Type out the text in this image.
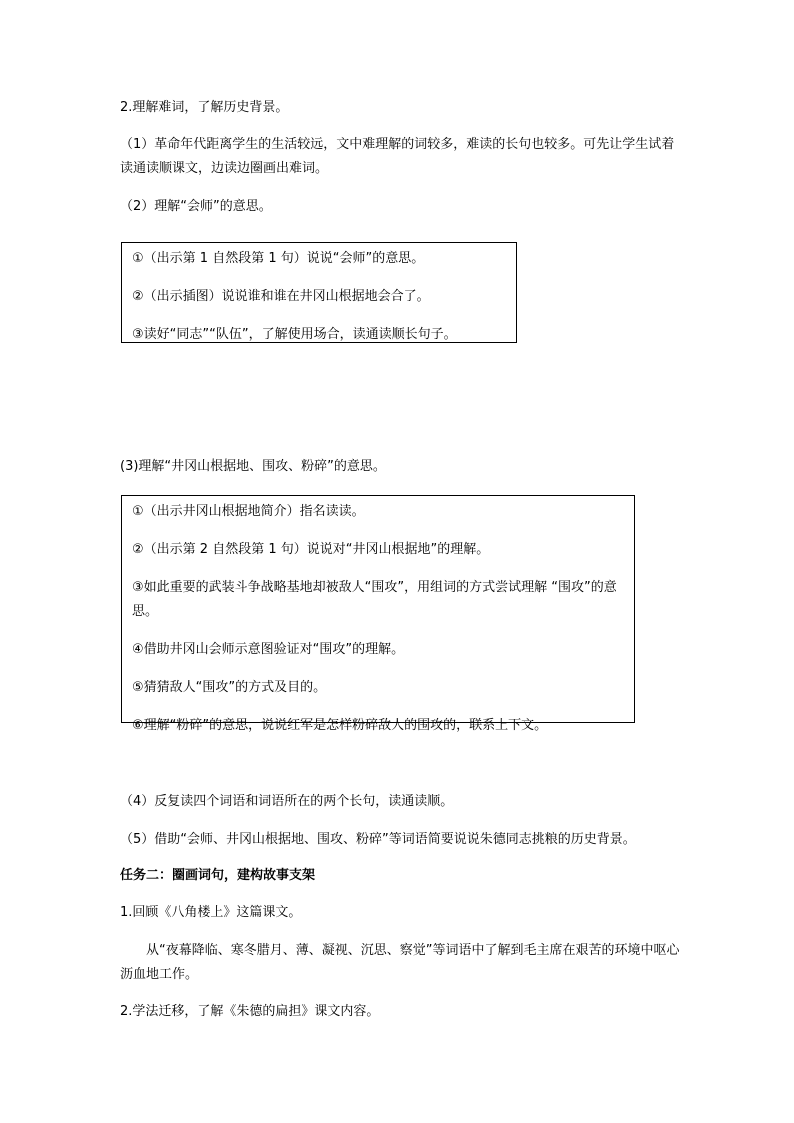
2.理解难词，了解历史背景。

（1）革命年代距离学生的生活较远，文中难理解的词较多，难读的长句也较多。可先让学生试着读通读顺课文，边读边圈画出难词。

（2）理解“会师”的意思。

①（出示第 1 自然段第 1 句）说说“会师”的意思。

②（出示插图）说说谁和谁在井冈山根据地会合了。

③读好“同志”“队伍”，了解使用场合，读通读顺长句子。

(3)理解“井冈山根据地、围攻、粉碎”的意思。

①（出示井冈山根据地简介）指名读读。

②（出示第 2 自然段第 1 句）说说对“井冈山根据地”的理解。

③如此重要的武装斗争战略基地却被敌人“围攻”，用组词的方式尝试理解 “围攻”的意思。

④借助井冈山会师示意图验证对“围攻”的理解。

⑤猜猜敌人“围攻”的方式及目的。

⑥理解“粉碎”的意思，说说红军是怎样粉碎敌人的围攻的，联系上下文。

（4）反复读四个词语和词语所在的两个长句，读通读顺。

（5）借助“会师、井冈山根据地、围攻、粉碎”等词语简要说说朱德同志挑粮的历史背景。

任务二：圈画词句，建构故事支架

1.回顾《八角楼上》这篇课文。

从“夜幕降临、寒冬腊月、薄、凝视、沉思、察觉”等词语中了解到毛主席在艰苦的环境中呕心沥血地工作。

2.学法迁移，了解《朱德的扁担》课文内容。
